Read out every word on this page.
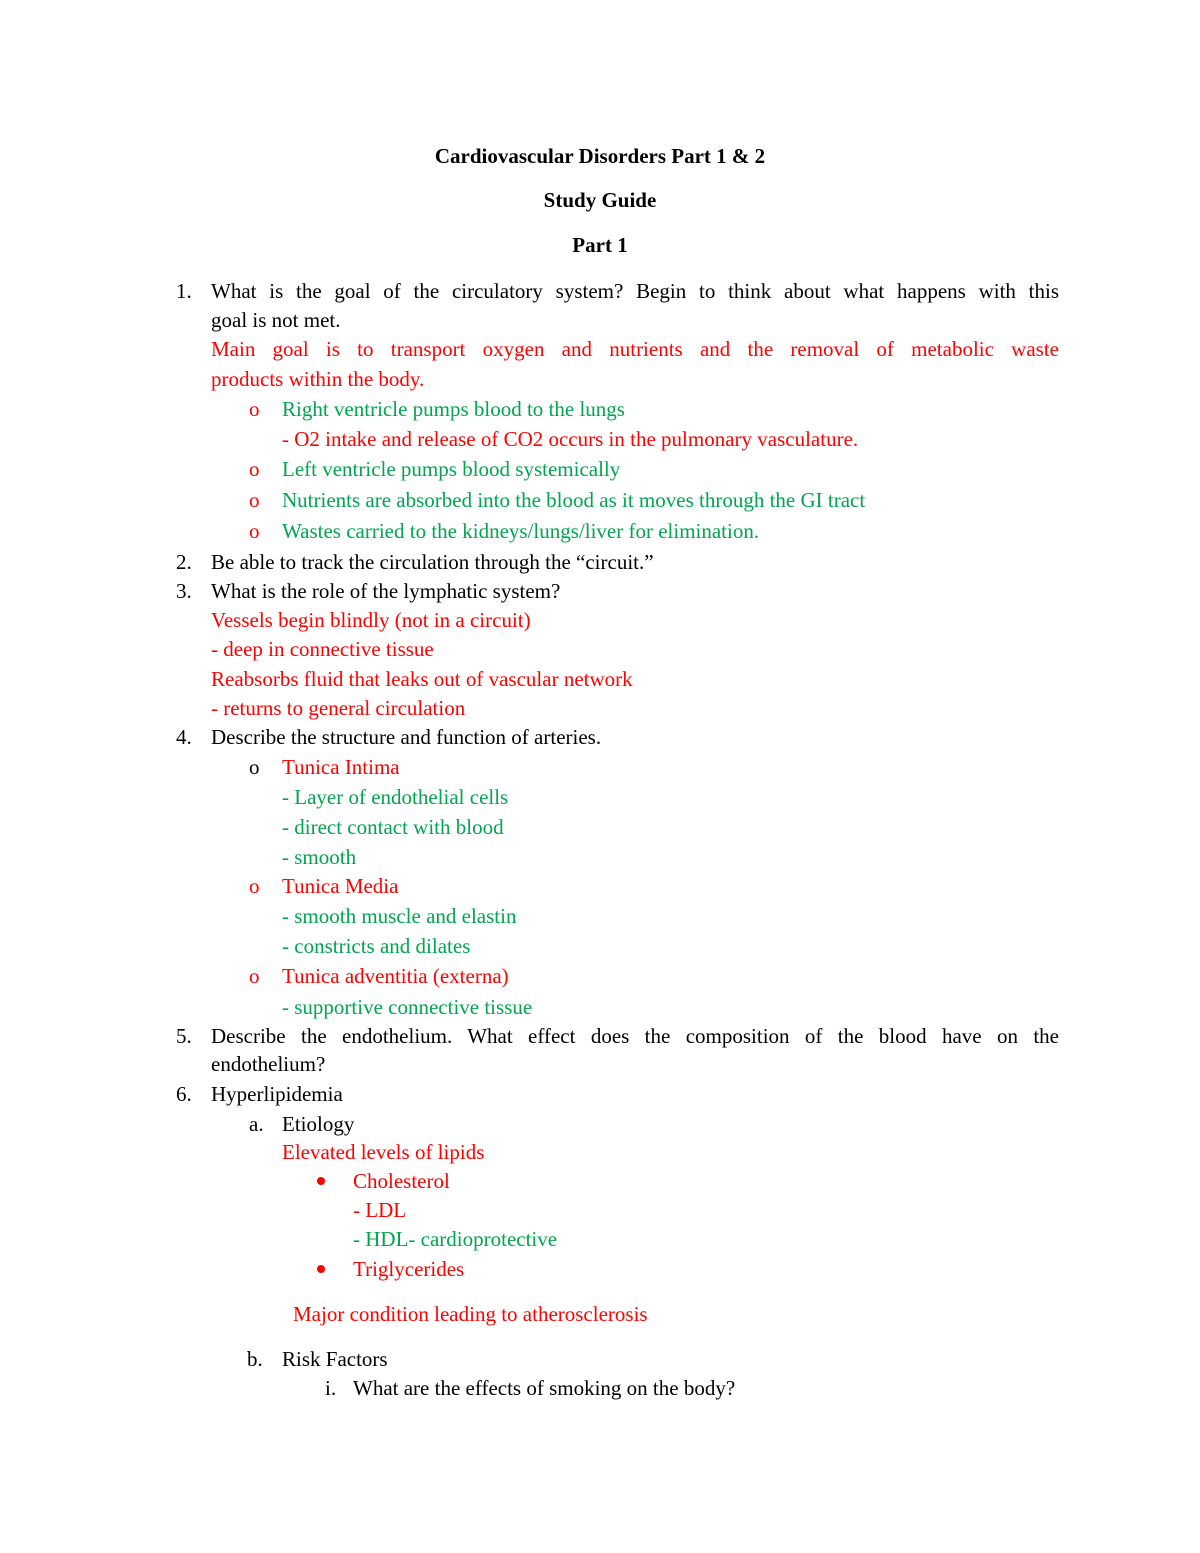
Cardiovascular Disorders Part 1 & 2
Study Guide
Part 1
1. What is the goal of the circulatory system? Begin to think about what happens with this
goal is not met.
Main goal is to transport oxygen and nutrients and the removal of metabolic waste
products within the body.
o Right ventricle pumps blood to the lungs
- O2 intake and release of CO2 occurs in the pulmonary vasculature.
o Left ventricle pumps blood systemically
o Nutrients are absorbed into the blood as it moves through the GI tract
o Wastes carried to the kidneys/lungs/liver for elimination.
2. Be able to track the circulation through the “circuit.”
3. What is the role of the lymphatic system?
Vessels begin blindly (not in a circuit)
- deep in connective tissue
Reabsorbs fluid that leaks out of vascular network
- returns to general circulation
4. Describe the structure and function of arteries.
o Tunica Intima
- Layer of endothelial cells
- direct contact with blood
- smooth
o Tunica Media
- smooth muscle and elastin
- constricts and dilates
o Tunica adventitia (externa)
- supportive connective tissue
5. Describe the endothelium. What effect does the composition of the blood have on the
endothelium?
6. Hyperlipidemia
a. Etiology
Elevated levels of lipids
Cholesterol
- LDL
- HDL- cardioprotective
Triglycerides
Major condition leading to atherosclerosis
b. Risk Factors
i. What are the effects of smoking on the body?
